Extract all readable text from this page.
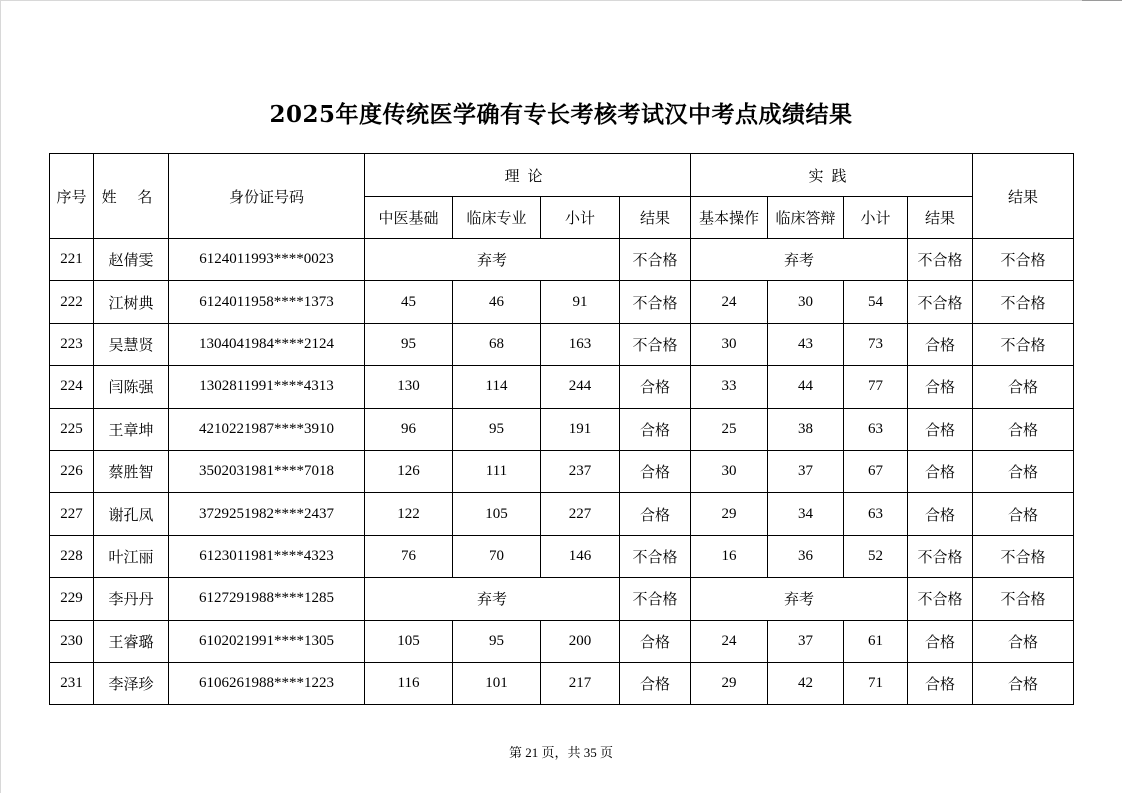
2025年度传统医学确有专长考核考试汉中考点成绩结果
序号	姓 名	身份证号码	理论				实践				结果
			中医基础	临床专业	小计	结果	基本操作	临床答辩	小计	结果	
221	赵倩雯	6124011993****0023	弃考			不合格	弃考			不合格	不合格
222	江树典	6124011958****1373	45	46	91	不合格	24	30	54	不合格	不合格
223	吴慧贤	1304041984****2124	95	68	163	不合格	30	43	73	合格	不合格
224	闫陈强	1302811991****4313	130	114	244	合格	33	44	77	合格	合格
225	王章坤	4210221987****3910	96	95	191	合格	25	38	63	合格	合格
226	蔡胜智	3502031981****7018	126	111	237	合格	30	37	67	合格	合格
227	谢孔凤	3729251982****2437	122	105	227	合格	29	34	63	合格	合格
228	叶江丽	6123011981****4323	76	70	146	不合格	16	36	52	不合格	不合格
229	李丹丹	6127291988****1285	弃考			不合格	弃考			不合格	不合格
230	王睿璐	6102021991****1305	105	95	200	合格	24	37	61	合格	合格
231	李泽珍	6106261988****1223	116	101	217	合格	29	42	71	合格	合格
第 21 页，共 35 页
